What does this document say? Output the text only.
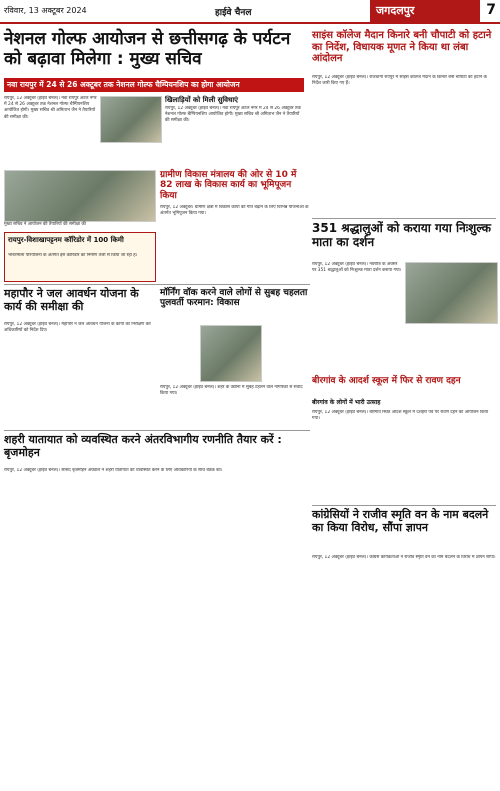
रविवार, 13 अक्टूबर 2024	हाईवे चैनल	जगदलपुर	7
नेशनल गोल्फ आयोजन से छत्तीसगढ़ के पर्यटन को बढ़ावा मिलेगा : मुख्य सचिव
नवा रायपुर में 24 से 26 अक्टूबर तक नेशनल गोल्फ चैम्पियनशिप का होगा आयोजन
साइंस कॉलेज मैदान किनारे बनी चौपाटी को हटाने का निर्देश, विधायक मूणत ने किया था लंबा आंदोलन

रायपुर, 12 अक्टूबर (हाईवे चैनल)। राजधानी रायपुर में साइंस कॉलेज मैदान के किनारे बनी चौपाटी को हटाने के निर्देश जारी किए गए हैं।

रायपुर, 12 अक्टूबर (हाईवे चैनल)। नवा रायपुर अटल नगर में 24 से 26 अक्टूबर तक नेशनल गोल्फ चैम्पियनशिप आयोजित होगी। मुख्य सचिव श्री अमिताभ जैन ने तैयारियों की समीक्षा की।

खिलाड़ियों को मिली सुविधाएं

रायपुर, 12 अक्टूबर (हाईवे चैनल)। नवा रायपुर अटल नगर में 24 से 26 अक्टूबर तक नेशनल गोल्फ चैम्पियनशिप आयोजित होगी। मुख्य सचिव श्री अमिताभ जैन ने तैयारियों की समीक्षा की।

मुख्य सचिव ने आयोजन की तैयारियों की समीक्षा की
ग्रामीण विकास मंत्रालय की ओर से 10 में 82 लाख के विकास कार्य का भूमिपूजन किया

रायपुर, 12 अक्टूबर। ग्रामीण क्षेत्रों में विकास कार्यों की गति बढ़ाने के लिए विभिन्न योजनाओं के अंतर्गत भूमिपूजन किया गया।

रायपुर-विशाखापट्टनम कॉरिडोर में 100 किमी

भारतमाला परियोजना के अंतर्गत इस कॉरिडोर का निर्माण तेजी से किया जा रहा है।

महापौर ने जल आवर्धन योजना के कार्य की समीक्षा की

रायपुर, 12 अक्टूबर (हाईवे चैनल)। महापौर ने जल आवर्धन योजना के कार्यों का निरीक्षण कर अधिकारियों को निर्देश दिए।

मॉर्निंग वॉक करने वाले लोगों से सुबह चहलता पुलवर्ती फरमान: विकास

रायपुर, 12 अक्टूबर (हाईवे चैनल)। शहर के उद्यानों में सुबह टहलने वाले नागरिकों से संवाद किया गया।

351 श्रद्धालुओं को कराया गया निःशुल्क माता का दर्शन

रायपुर, 12 अक्टूबर (हाईवे चैनल)। नवरात्रि के अवसर पर 351 श्रद्धालुओं को निःशुल्क माता दर्शन कराया गया।

बीरगांव के आदर्श स्कूल में फिर से रावण दहन
बीरगांव के लोगों में भारी उत्साह

रायपुर, 12 अक्टूबर (हाईवे चैनल)। बीरगांव स्थित आदर्श स्कूल में दशहरा पर्व पर रावण दहन का आयोजन किया गया।

शहरी यातायात को व्यवस्थित करने अंतरविभागीय रणनीति तैयार करें : बृजमोहन

रायपुर, 12 अक्टूबर (हाईवे चैनल)। सांसद बृजमोहन अग्रवाल ने शहरी यातायात को व्यवस्थित करने के लिए अधिकारियों के साथ बैठक की।

कांग्रेसियों ने राजीव स्मृति वन के नाम बदलने का किया विरोध, सौंपा ज्ञापन

रायपुर, 12 अक्टूबर (हाईवे चैनल)। कांग्रेस कार्यकर्ताओं ने राजीव स्मृति वन का नाम बदलने के विरोध में ज्ञापन सौंपा।
